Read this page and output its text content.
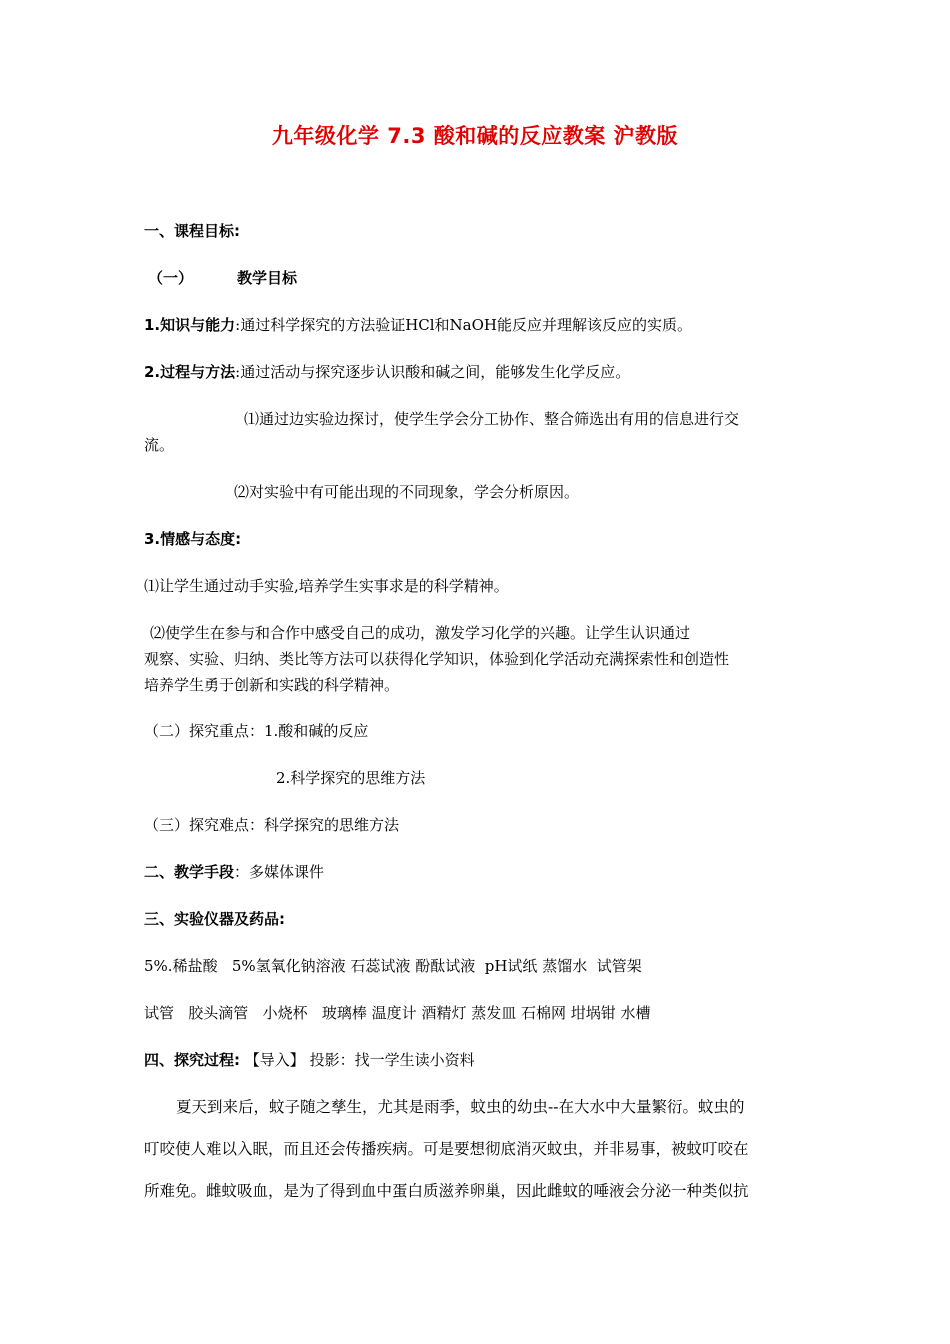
九年级化学 7.3 酸和碱的反应教案 沪教版
一、课程目标:
（一）	教学目标
1.知识与能力:通过科学探究的方法验证HCl和NaOH能反应并理解该反应的实质。
2.过程与方法:通过活动与探究逐步认识酸和碱之间，能够发生化学反应。
⑴通过边实验边探讨，使学生学会分工协作、整合筛选出有用的信息进行交
流。
⑵对实验中有可能出现的不同现象，学会分析原因。
3.情感与态度:
⑴让学生通过动手实验,培养学生实事求是的科学精神。
⑵使学生在参与和合作中感受自己的成功，激发学习化学的兴趣。让学生认识通过
观察、实验、归纳、类比等方法可以获得化学知识，体验到化学活动充满探索性和创造性
培养学生勇于创新和实践的科学精神。
（二）探究重点：1.酸和碱的反应
2.科学探究的思维方法
（三）探究难点：科学探究的思维方法
二、教学手段：多媒体课件
三、实验仪器及药品:
5%.稀盐酸   5%氢氧化钠溶液 石蕊试液 酚酞试液  pH试纸 蒸馏水  试管架
试管   胶头滴管   小烧杯   玻璃棒 温度计 酒精灯 蒸发皿 石棉网 坩埚钳 水槽
四、探究过程: 【导入】 投影：找一学生读小资料
夏天到来后，蚊子随之孳生，尤其是雨季，蚊虫的幼虫--在大水中大量繁衍。蚊虫的
叮咬使人难以入眠，而且还会传播疾病。可是要想彻底消灭蚊虫，并非易事，被蚊叮咬在
所难免。雌蚊吸血，是为了得到血中蛋白质滋养卵巢，因此雌蚊的唾液会分泌一种类似抗
